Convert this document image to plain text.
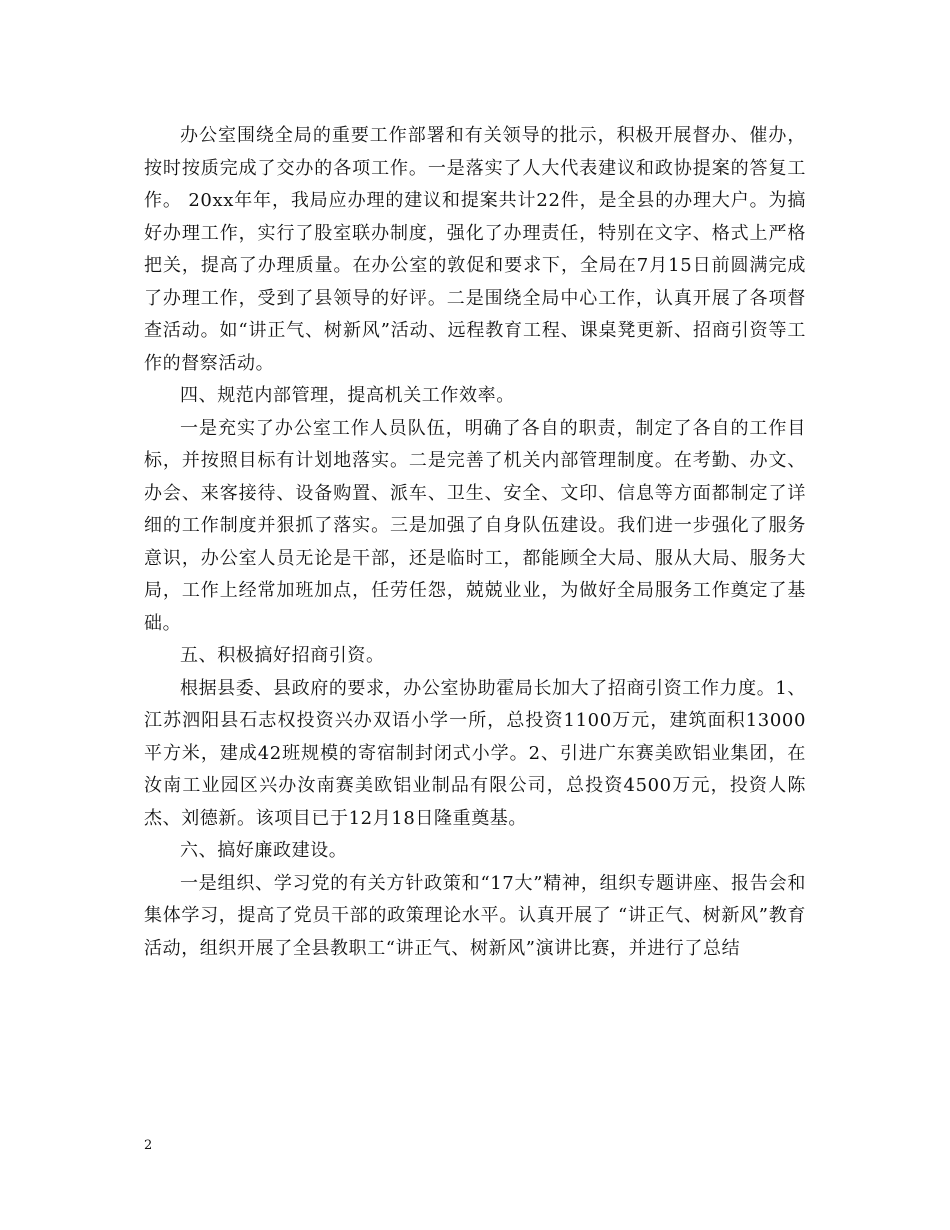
办公室围绕全局的重要工作部署和有关领导的批示，积极开展督办、催办，按时按质完成了交办的各项工作。一是落实了人大代表建议和政协提案的答复工作。 20xx年年，我局应办理的建议和提案共计22件，是全县的办理大户。为搞好办理工作，实行了股室联办制度，强化了办理责任，特别在文字、格式上严格把关，提高了办理质量。在办公室的敦促和要求下，全局在7月15日前圆满完成了办理工作，受到了县领导的好评。二是围绕全局中心工作，认真开展了各项督查活动。如“讲正气、树新风”活动、远程教育工程、课桌凳更新、招商引资等工作的督察活动。

四、规范内部管理，提高机关工作效率。

一是充实了办公室工作人员队伍，明确了各自的职责，制定了各自的工作目标，并按照目标有计划地落实。二是完善了机关内部管理制度。在考勤、办文、办会、来客接待、设备购置、派车、卫生、安全、文印、信息等方面都制定了详细的工作制度并狠抓了落实。三是加强了自身队伍建设。我们进一步强化了服务意识，办公室人员无论是干部，还是临时工，都能顾全大局、服从大局、服务大局，工作上经常加班加点，任劳任怨，兢兢业业，为做好全局服务工作奠定了基础。

五、积极搞好招商引资。

根据县委、县政府的要求，办公室协助霍局长加大了招商引资工作力度。1、江苏泗阳县石志权投资兴办双语小学一所，总投资1100万元，建筑面积13000平方米，建成42班规模的寄宿制封闭式小学。2、引进广东赛美欧铝业集团，在汝南工业园区兴办汝南赛美欧铝业制品有限公司，总投资4500万元，投资人陈杰、刘德新。该项目已于12月18日隆重奠基。

六、搞好廉政建设。

一是组织、学习党的有关方针政策和“17大”精神，组织专题讲座、报告会和集体学习，提高了党员干部的政策理论水平。认真开展了 “讲正气、树新风”教育活动，组织开展了全县教职工“讲正气、树新风”演讲比赛，并进行了总结

2
